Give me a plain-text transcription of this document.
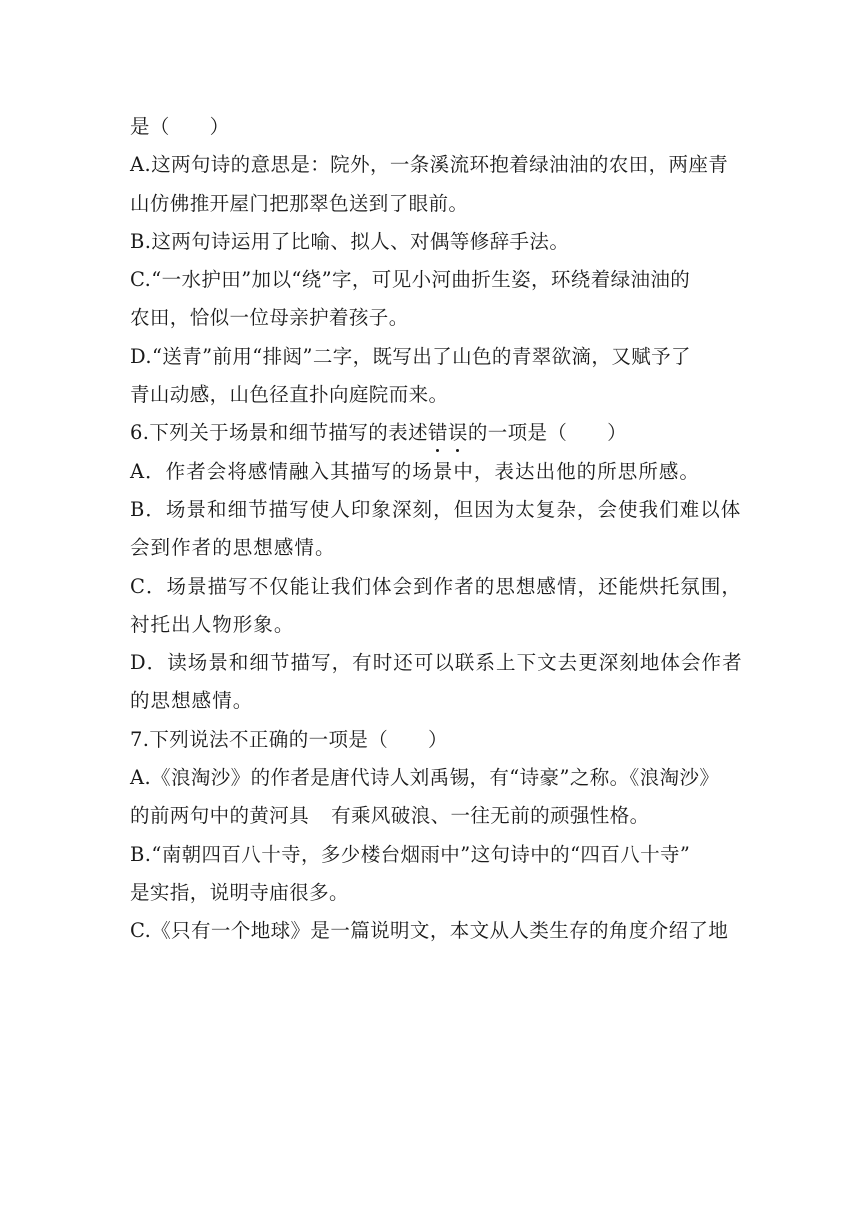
是（　　）
A.这两句诗的意思是：院外，一条溪流环抱着绿油油的农田，两座青
山仿佛推开屋门把那翠色送到了眼前。
B.这两句诗运用了比喻、拟人、对偶等修辞手法。
C.“一水护田”加以“绕”字，可见小河曲折生姿，环绕着绿油油的
农田，恰似一位母亲护着孩子。
D.“送青”前用“排闼”二字，既写出了山色的青翠欲滴，又赋予了
青山动感，山色径直扑向庭院而来。
6.下列关于场景和细节描写的表述错误的一项是（　　）
A．作者会将感情融入其描写的场景中，表达出他的所思所感。
B．场景和细节描写使人印象深刻，但因为太复杂，会使我们难以体
会到作者的思想感情。
C．场景描写不仅能让我们体会到作者的思想感情，还能烘托氛围，
衬托出人物形象。
D．读场景和细节描写，有时还可以联系上下文去更深刻地体会作者
的思想感情。
7.下列说法不正确的一项是（　　）
A.《浪淘沙》的作者是唐代诗人刘禹锡，有“诗豪”之称。《浪淘沙》
的前两句中的黄河具 有乘风破浪、一往无前的顽强性格。
B.“南朝四百八十寺，多少楼台烟雨中”这句诗中的“四百八十寺”
是实指，说明寺庙很多。
C.《只有一个地球》是一篇说明文，本文从人类生存的角度介绍了地
